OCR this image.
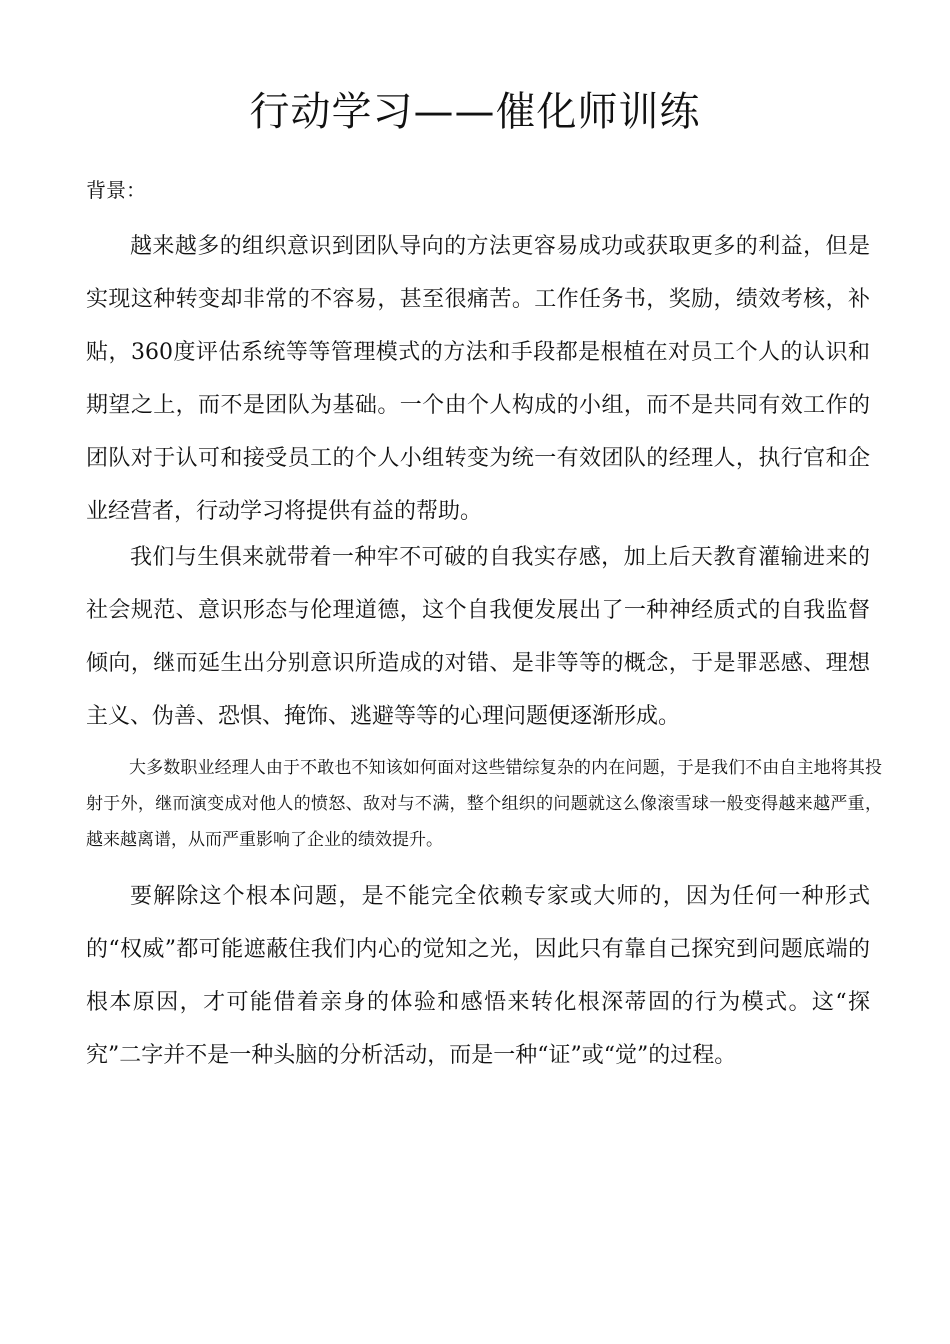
行动学习——催化师训练

背景：

越来越多的组织意识到团队导向的方法更容易成功或获取更多的利益，但是实现这种转变却非常的不容易，甚至很痛苦。工作任务书，奖励，绩效考核，补贴，360度评估系统等等管理模式的方法和手段都是根植在对员工个人的认识和期望之上，而不是团队为基础。一个由个人构成的小组，而不是共同有效工作的团队对于认可和接受员工的个人小组转变为统一有效团队的经理人，执行官和企业经营者，行动学习将提供有益的帮助。

我们与生俱来就带着一种牢不可破的自我实存感，加上后天教育灌输进来的社会规范、意识形态与伦理道德，这个自我便发展出了一种神经质式的自我监督倾向，继而延生出分别意识所造成的对错、是非等等的概念，于是罪恶感、理想主义、伪善、恐惧、掩饰、逃避等等的心理问题便逐渐形成。

大多数职业经理人由于不敢也不知该如何面对这些错综复杂的内在问题，于是我们不由自主地将其投射于外，继而演变成对他人的愤怒、敌对与不满，整个组织的问题就这么像滚雪球一般变得越来越严重，越来越离谱，从而严重影响了企业的绩效提升。

要解除这个根本问题，是不能完全依赖专家或大师的，因为任何一种形式的“权威”都可能遮蔽住我们内心的觉知之光，因此只有靠自己探究到问题底端的根本原因，才可能借着亲身的体验和感悟来转化根深蒂固的行为模式。这“探究”二字并不是一种头脑的分析活动，而是一种“证”或“觉”的过程。
